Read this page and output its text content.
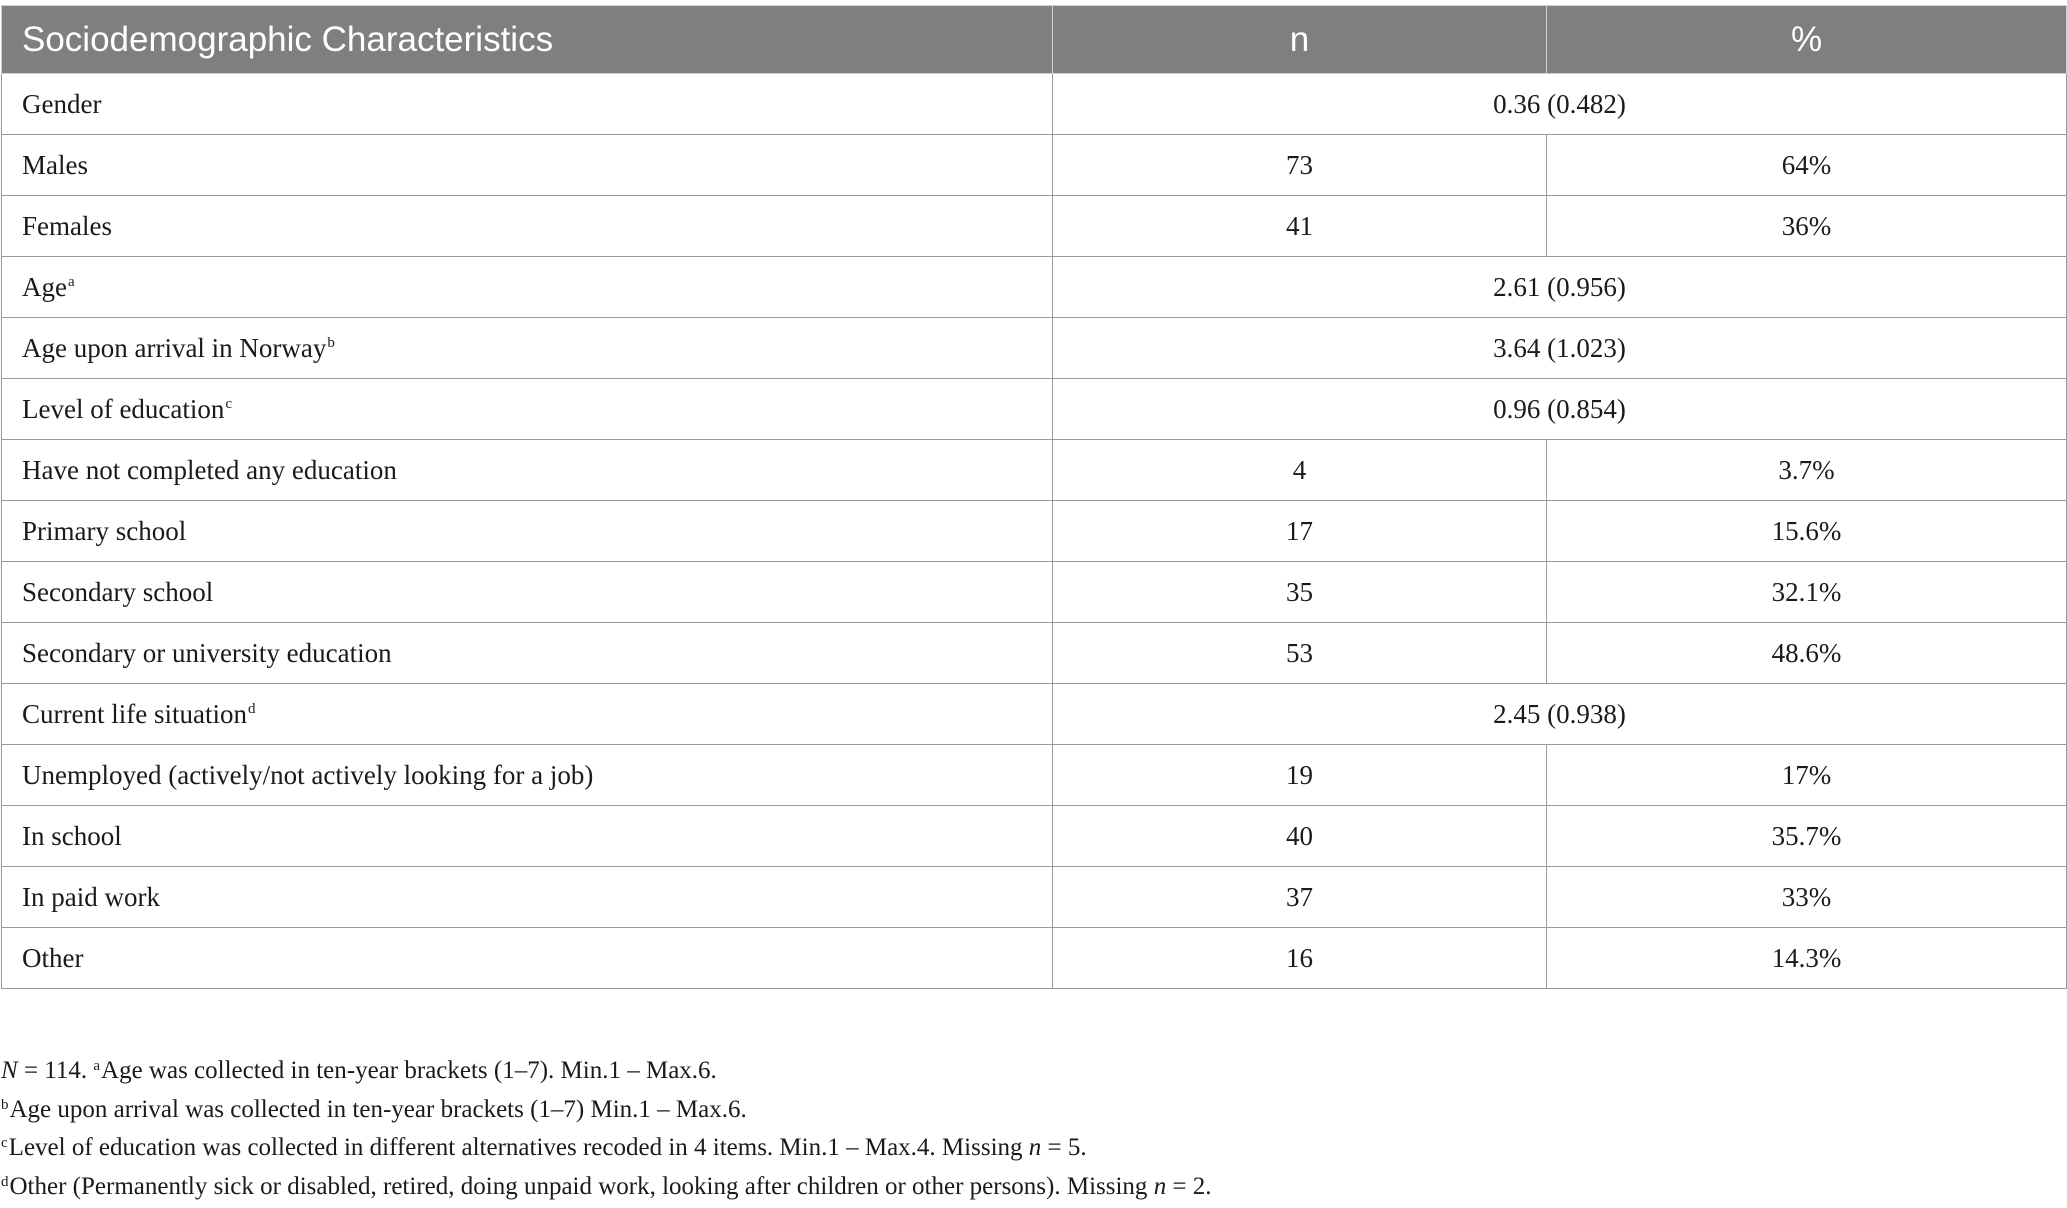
Sociodemographic Characteristics	n	%
Gender	0.36 (0.482)	
Males	73	64%
Females	41	36%
Age$^a$	2.61 (0.956)	
Age upon arrival in Norway$^b$	3.64 (1.023)	
Level of education$^c$	0.96 (0.854)	
Have not completed any education	4	3.7%
Primary school	17	15.6%
Secondary school	35	32.1%
Secondary or university education	53	48.6%
Current life situation$^d$	2.45 (0.938)	
Unemployed (actively/not actively looking for a job)	19	17%
In school	40	35.7%
In paid work	37	33%
Other	16	14.3%

N = 114. $^a$Age was collected in ten-year brackets (1–7). Min.1 – Max.6.

$^b$Age upon arrival was collected in ten-year brackets (1–7) Min.1 – Max.6.

$^c$Level of education was collected in different alternatives recoded in 4 items. Min.1 – Max.4. Missing n = 5.

$^d$Other (Permanently sick or disabled, retired, doing unpaid work, looking after children or other persons). Missing n = 2.
